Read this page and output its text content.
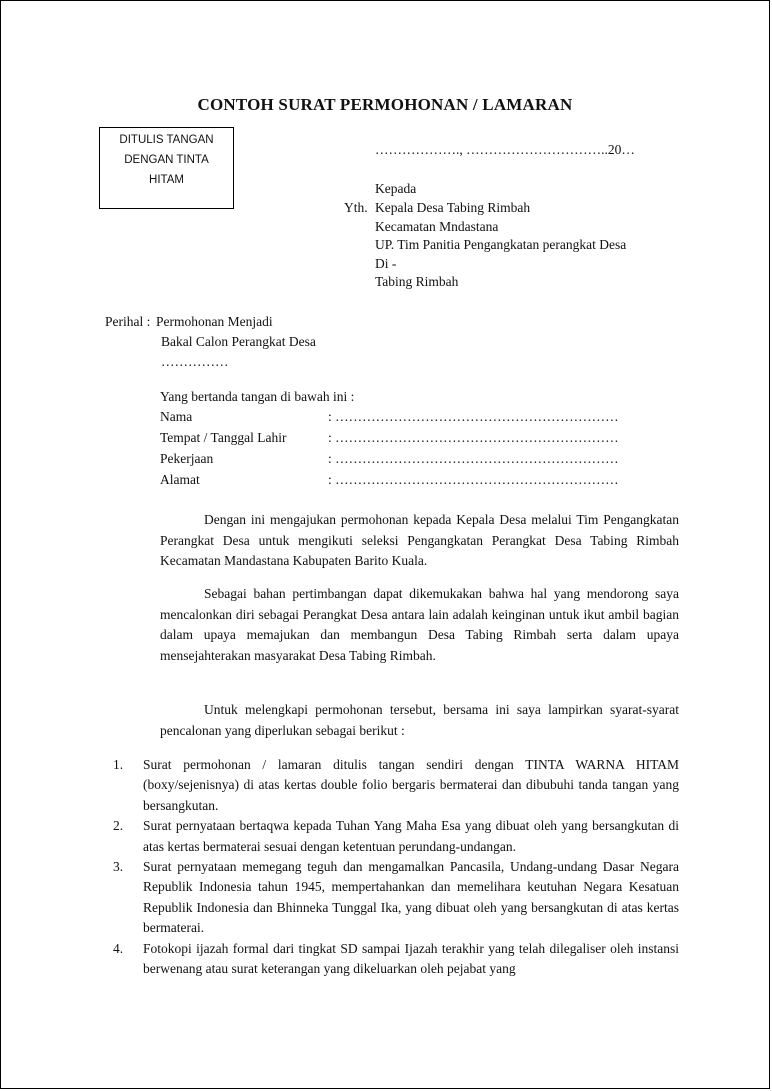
CONTOH SURAT PERMOHONAN / LAMARAN
DITULIS TANGAN
DENGAN TINTA
HITAM
………………., …………………………..20…
Kepada
Yth. Kepala Desa Tabing Rimbah
Kecamatan Mndastana
UP. Tim Panitia Pengangkatan perangkat Desa
Di -
Tabing Rimbah
Perihal : Permohonan Menjadi
Bakal Calon Perangkat Desa
……………
Yang bertanda tangan di bawah ini :
Nama	: ………………………………………………………
Tempat / Tanggal Lahir	: ………………………………………………………
Pekerjaan	: ………………………………………………………
Alamat	: ………………………………………………………
Dengan ini mengajukan permohonan kepada Kepala Desa melalui Tim Pengangkatan Perangkat Desa untuk mengikuti seleksi Pengangkatan Perangkat Desa Tabing Rimbah Kecamatan Mandastana Kabupaten Barito Kuala.
Sebagai bahan pertimbangan dapat dikemukakan bahwa hal yang mendorong saya mencalonkan diri sebagai Perangkat Desa antara lain adalah keinginan untuk ikut ambil bagian dalam upaya memajukan dan membangun Desa Tabing Rimbah serta dalam upaya mensejahterakan masyarakat Desa Tabing Rimbah.
Untuk melengkapi permohonan tersebut, bersama ini saya lampirkan syarat-syarat pencalonan yang diperlukan sebagai berikut :
1. Surat permohonan / lamaran ditulis tangan sendiri dengan TINTA WARNA HITAM (boxy/sejenisnya) di atas kertas double folio bergaris bermaterai dan dibubuhi tanda tangan yang bersangkutan.
2. Surat pernyataan bertaqwa kepada Tuhan Yang Maha Esa yang dibuat oleh yang bersangkutan di atas kertas bermaterai sesuai dengan ketentuan perundang-undangan.
3. Surat pernyataan memegang teguh dan mengamalkan Pancasila, Undang-undang Dasar Negara Republik Indonesia tahun 1945, mempertahankan dan memelihara keutuhan Negara Kesatuan Republik Indonesia dan Bhinneka Tunggal Ika, yang dibuat oleh yang bersangkutan di atas kertas bermaterai.
4. Fotokopi ijazah formal dari tingkat SD sampai Ijazah terakhir yang telah dilegaliser oleh instansi berwenang atau surat keterangan yang dikeluarkan oleh pejabat yang
